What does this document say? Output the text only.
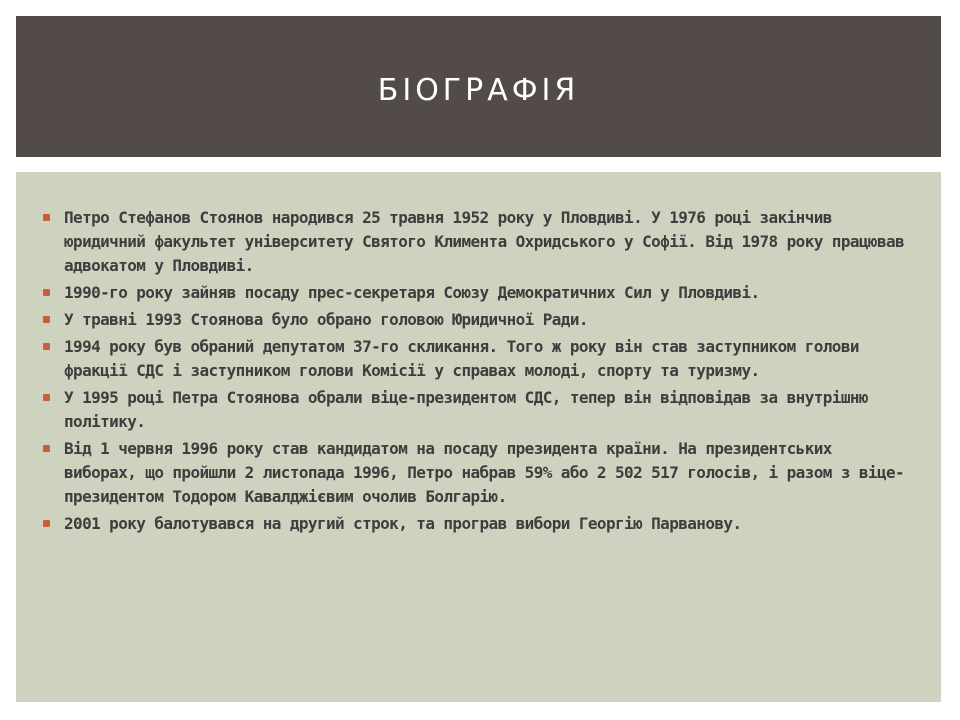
БІОГРАФІЯ
Петро Стефанов Стоянов народився 25 травня 1952 року у Пловдиві. У 1976 році закінчив юридичний факультет університету Святого Климента Охридського у Софії. Від 1978 року працював адвокатом у Пловдиві.
1990-го року зайняв посаду прес-секретаря Союзу Демократичних Сил у Пловдиві.
У травні 1993 Стоянова було обрано головою Юридичної Ради.
1994 року був обраний депутатом 37-го скликання. Того ж року він став заступником голови фракції СДС і заступником голови Комісії у справах молоді, спорту та туризму.
У 1995 році Петра Стоянова обрали віце-президентом СДС, тепер він відповідав за внутрішню політику.
Від 1 червня 1996 року став кандидатом на посаду президента країни. На президентських виборах, що пройшли 2 листопада 1996, Петро набрав 59% або 2 502 517 голосів, і разом з віце-президентом Тодором Кавалджієвим очолив Болгарію.
2001 року балотувався на другий строк, та програв вибори Георгію Парванову.
